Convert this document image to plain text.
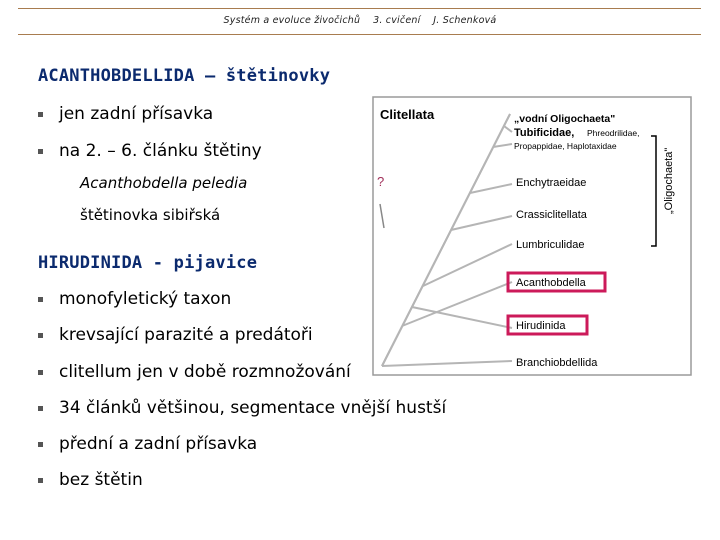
Systém a evoluce živočichů    3. cvičení    J. Schenková
ACANTHOBDELLIDA – štětinovky
jen zadní přísavka
na 2. – 6. článku štětiny
Acanthobdella peledia
štětinovka sibiřská
HIRUDINIDA - pijavice
monofyletický taxon
krevsající parazité a predátoři
clitellum jen v době rozmnožování
34 článků většinou, segmentace vnější hustší
přední a zadní přísavka
bez štětin
?
Clitellata	„vodní Oligochaeta"
Tubificidae, Phreodrilidae,
Propappidae, Haplotaxidae
Enchytraeidae
Crassiclitellata
Lumbriculidae
Acanthobdella
Hirudinida
Branchiobdellida
„Oligochaeta"
